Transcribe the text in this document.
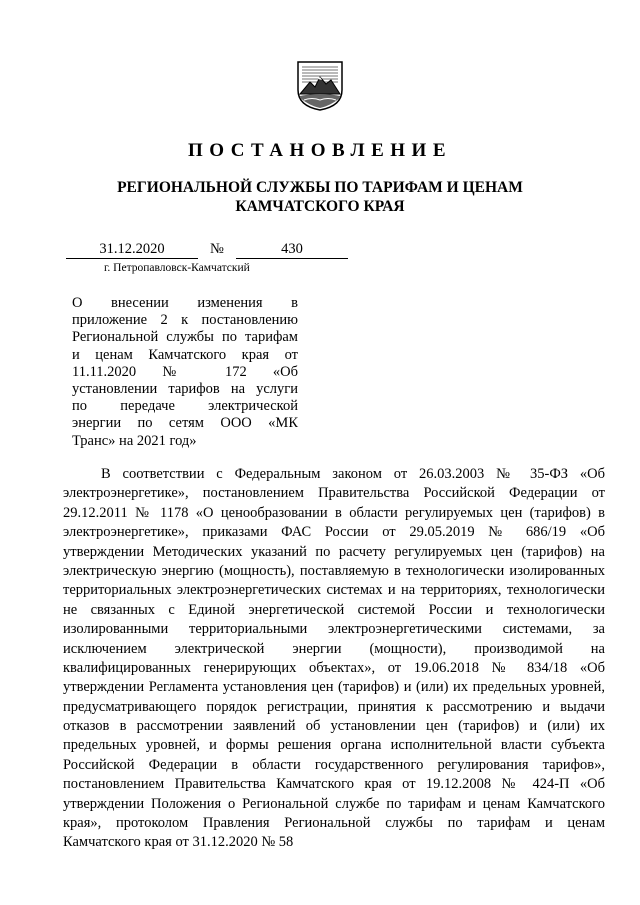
ПОСТАНОВЛЕНИЕ
РЕГИОНАЛЬНОЙ СЛУЖБЫ ПО ТАРИФАМ И ЦЕНАМ
КАМЧАТСКОГО КРАЯ
31.12.2020	№	430
г. Петропавловск-Камчатский
О внесении изменения в
приложение 2 к постановлению
Региональной службы по тарифам
и ценам Камчатского края от
11.11.2020 № 172 «Об
установлении тарифов на услуги
по передаче электрической
энергии по сетям ООО «МК
Транс» на 2021 год»
В соответствии с Федеральным законом от 26.03.2003 № 35-ФЗ «Об
электроэнергетике», постановлением Правительства Российской Федерации от
29.12.2011 № 1178 «О ценообразовании в области регулируемых цен (тарифов) в
электроэнергетике», приказами ФАС России от 29.05.2019 № 686/19 «Об
утверждении Методических указаний по расчету регулируемых цен (тарифов) на
электрическую энергию (мощность), поставляемую в технологически изолированных
территориальных электроэнергетических системах и на территориях, технологически
не связанных с Единой энергетической системой России и технологически
изолированными территориальными электроэнергетическими системами, за
исключением электрической энергии (мощности), производимой на
квалифицированных генерирующих объектах», от 19.06.2018 № 834/18 «Об
утверждении Регламента установления цен (тарифов) и (или) их предельных уровней,
предусматривающего порядок регистрации, принятия к рассмотрению и выдачи
отказов в рассмотрении заявлений об установлении цен (тарифов) и (или) их
предельных уровней, и формы решения органа исполнительной власти субъекта
Российской Федерации в области государственного регулирования тарифов»,
постановлением Правительства Камчатского края от 19.12.2008 № 424-П «Об
утверждении Положения о Региональной службе по тарифам и ценам Камчатского
края», протоколом Правления Региональной службы по тарифам и ценам
Камчатского края от 31.12.2020 № 58
